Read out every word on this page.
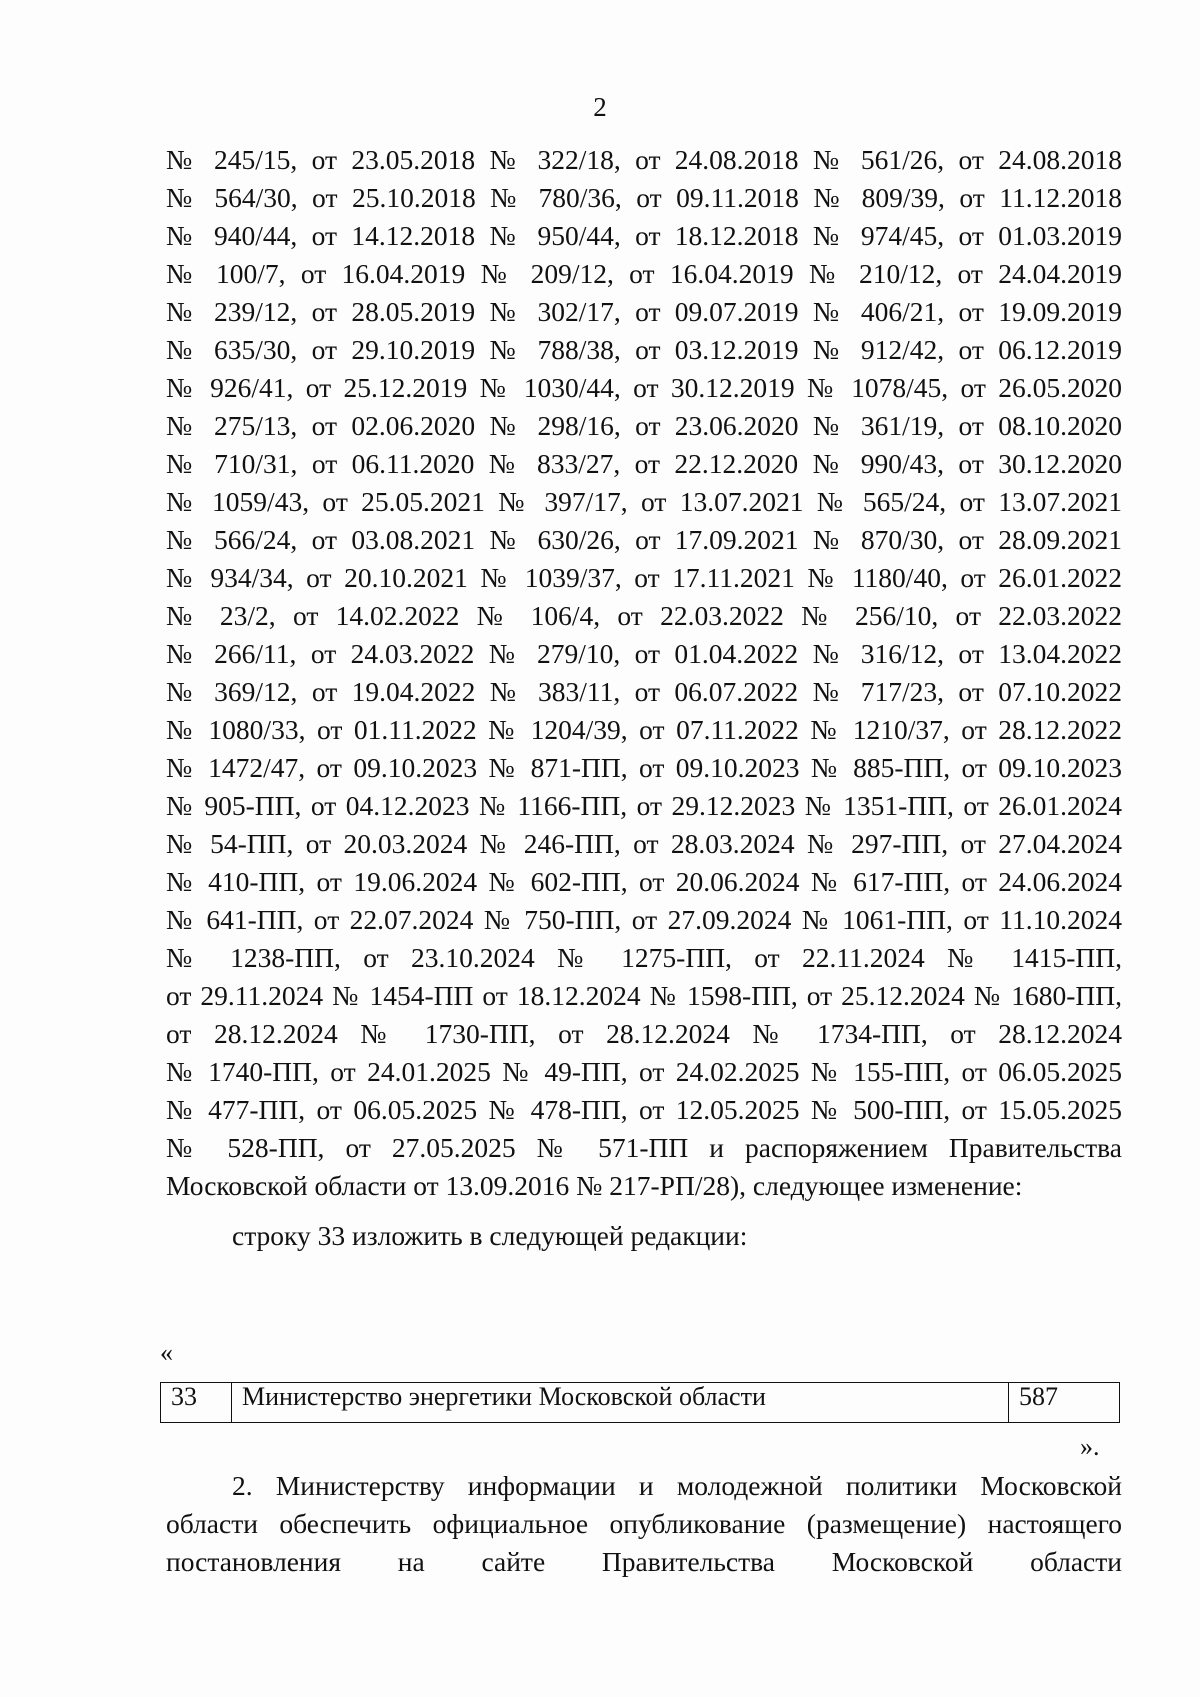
2
№ 245/15, от 23.05.2018 № 322/18, от 24.08.2018 № 561/26, от 24.08.2018
№ 564/30, от 25.10.2018 № 780/36, от 09.11.2018 № 809/39, от 11.12.2018
№ 940/44, от 14.12.2018 № 950/44, от 18.12.2018 № 974/45, от 01.03.2019
№ 100/7, от 16.04.2019 № 209/12, от 16.04.2019 № 210/12, от 24.04.2019
№ 239/12, от 28.05.2019 № 302/17, от 09.07.2019 № 406/21, от 19.09.2019
№ 635/30, от 29.10.2019 № 788/38, от 03.12.2019 № 912/42, от 06.12.2019
№ 926/41, от 25.12.2019 № 1030/44, от 30.12.2019 № 1078/45, от 26.05.2020
№ 275/13, от 02.06.2020 № 298/16, от 23.06.2020 № 361/19, от 08.10.2020
№ 710/31, от 06.11.2020 № 833/27, от 22.12.2020 № 990/43, от 30.12.2020
№ 1059/43, от 25.05.2021 № 397/17, от 13.07.2021 № 565/24, от 13.07.2021
№ 566/24, от 03.08.2021 № 630/26, от 17.09.2021 № 870/30, от 28.09.2021
№ 934/34, от 20.10.2021 № 1039/37, от 17.11.2021 № 1180/40, от 26.01.2022
№ 23/2, от 14.02.2022 № 106/4, от 22.03.2022 № 256/10, от 22.03.2022
№ 266/11, от 24.03.2022 № 279/10, от 01.04.2022 № 316/12, от 13.04.2022
№ 369/12, от 19.04.2022 № 383/11, от 06.07.2022 № 717/23, от 07.10.2022
№ 1080/33, от 01.11.2022 № 1204/39, от 07.11.2022 № 1210/37, от 28.12.2022
№ 1472/47, от 09.10.2023 № 871-ПП, от 09.10.2023 № 885-ПП, от 09.10.2023
№ 905-ПП, от 04.12.2023 № 1166-ПП, от 29.12.2023 № 1351-ПП, от 26.01.2024
№ 54-ПП, от 20.03.2024 № 246-ПП, от 28.03.2024 № 297-ПП, от 27.04.2024
№ 410-ПП, от 19.06.2024 № 602-ПП, от 20.06.2024 № 617-ПП, от 24.06.2024
№ 641-ПП, от 22.07.2024 № 750-ПП, от 27.09.2024 № 1061-ПП, от 11.10.2024
№ 1238-ПП, от 23.10.2024 № 1275-ПП, от 22.11.2024 № 1415-ПП,
от 29.11.2024 № 1454-ПП от 18.12.2024 № 1598-ПП, от 25.12.2024 № 1680-ПП,
от 28.12.2024 № 1730-ПП, от 28.12.2024 № 1734-ПП, от 28.12.2024
№ 1740-ПП, от 24.01.2025 № 49-ПП, от 24.02.2025 № 155-ПП, от 06.05.2025
№ 477-ПП, от 06.05.2025 № 478-ПП, от 12.05.2025 № 500-ПП, от 15.05.2025
№ 528-ПП, от 27.05.2025 № 571-ПП и распоряжением Правительства
Московской области от 13.09.2016 № 217-РП/28), следующее изменение:
строку 33 изложить в следующей редакции:
«
33	Министерство энергетики Московской области	587
».
2. Министерству информации и молодежной политики Московской
области обеспечить официальное опубликование (размещение) настоящего
постановления на сайте Правительства Московской области
